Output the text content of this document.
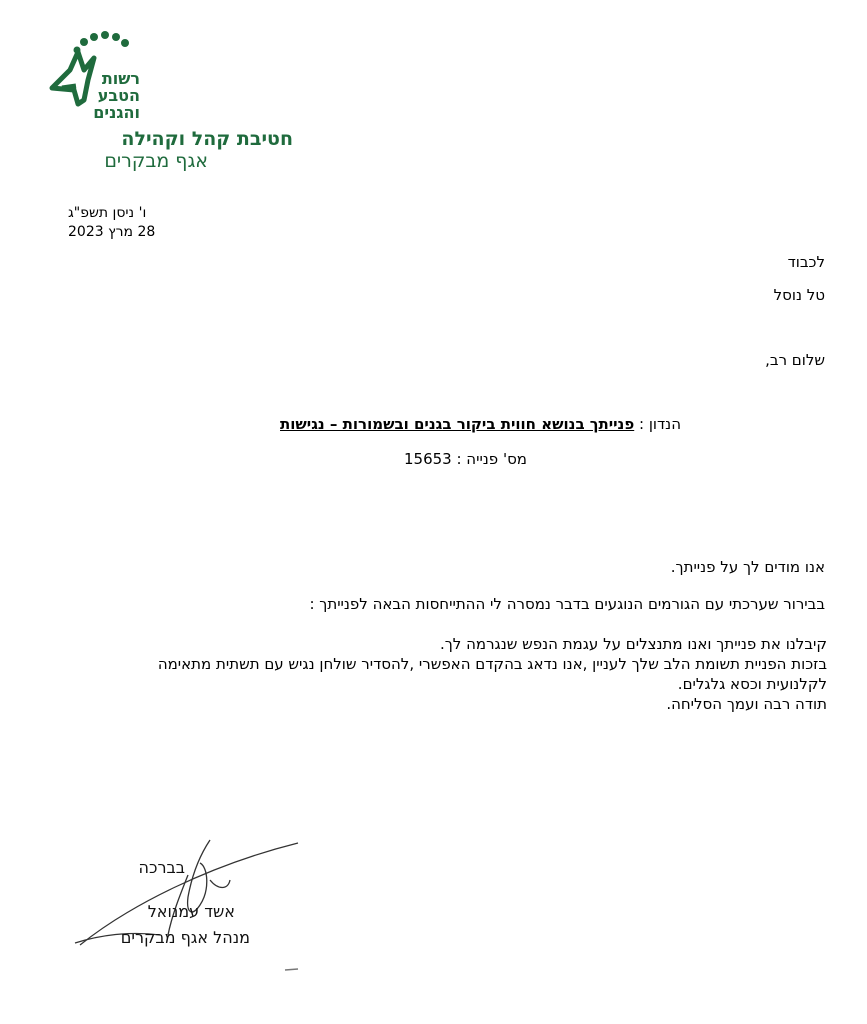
רשות
הטבע
והגנים
חטיבת קהל וקהילה
אגף מבקרים
ו' ניסן תשפ"ג
28 מרץ 2023
לכבוד
טל נוסל
שלום רב,
הנדון : פנייתך בנושא חווית ביקור בגנים ובשמורות – נגישות
מס' פנייה : 15653
אנו מודים לך על פנייתך.
בבירור שערכתי עם הגורמים הנוגעים בדבר נמסרה לי ההתייחסות הבאה לפנייתך :
קיבלנו את פנייתך ואנו מתנצלים על עגמת הנפש שנגרמה לך.
בזכות הפניית תשומת הלב שלך לעניין ,אנו נדאג בהקדם האפשרי ,להסדיר שולחן נגיש עם תשתית מתאימה
לקלנועית וכסא גלגלים.
תודה רבה ועמך הסליחה.
בברכה
אשד עמנואל
מנהל אגף מבקרים
